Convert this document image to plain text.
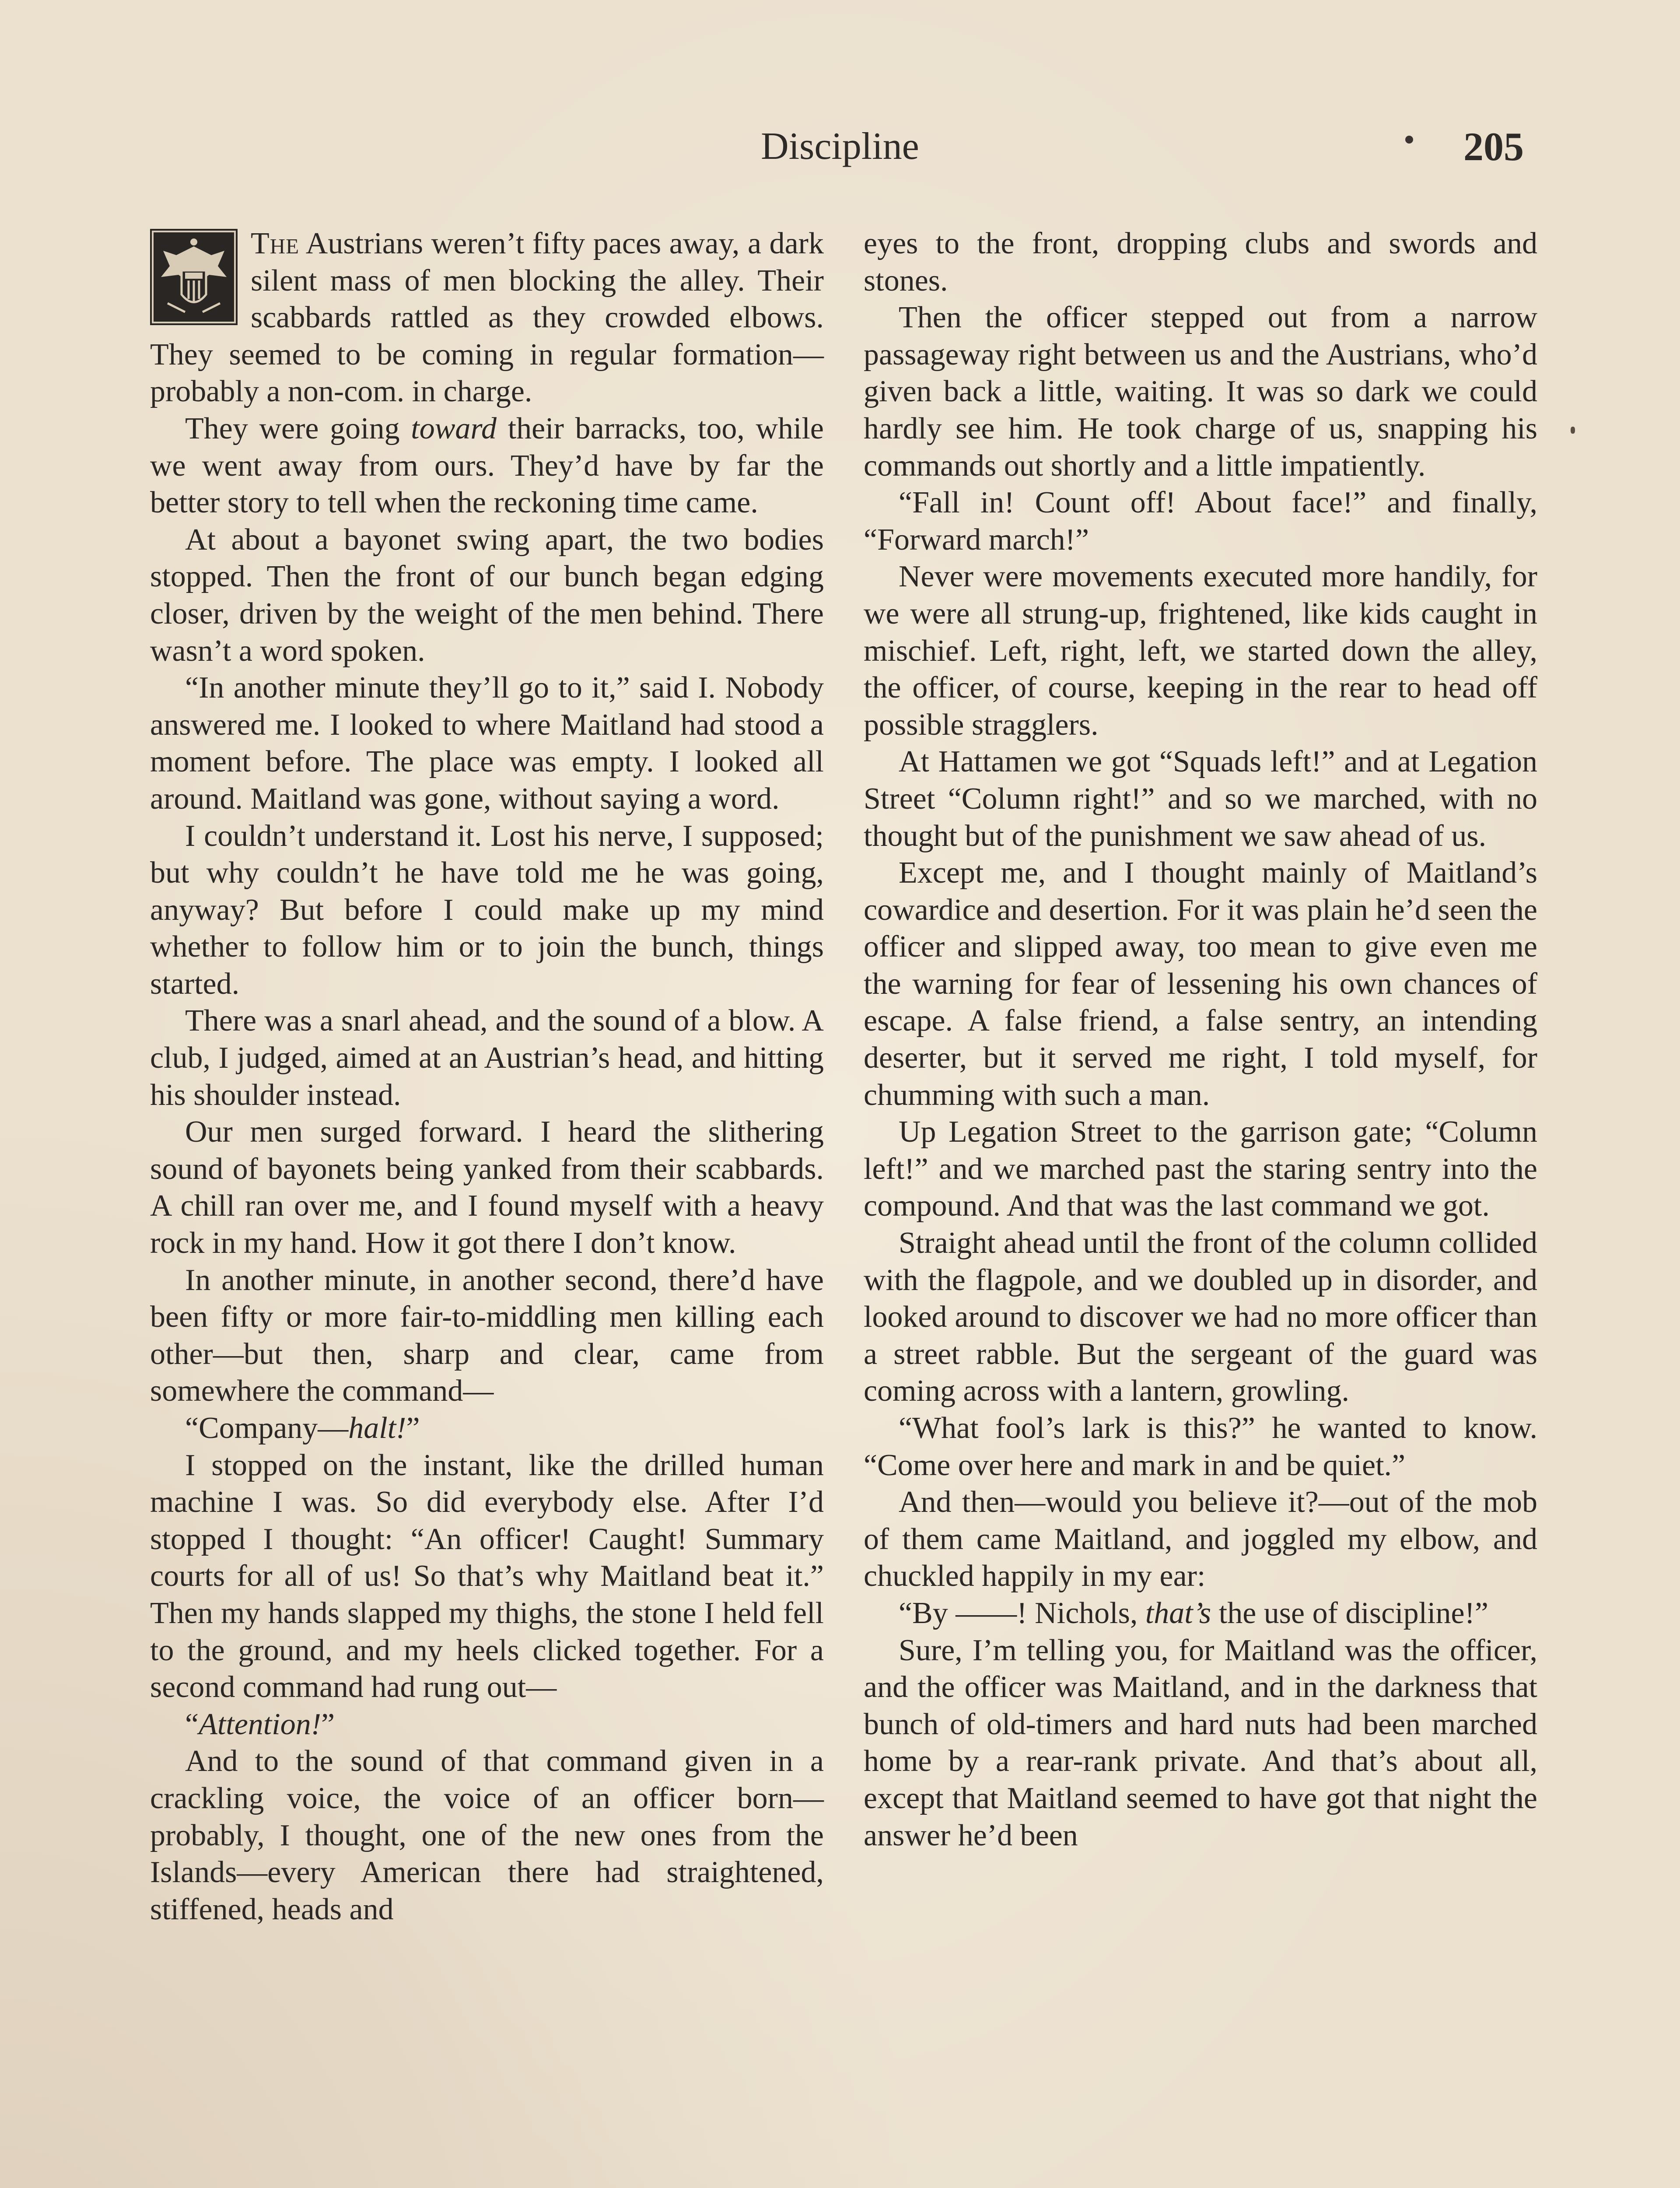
Discipline	205

The Austrians weren’t fifty paces away, a dark silent mass of men blocking the alley. Their scabbards rattled as they crowded elbows. They seemed to be coming in regular formation—probably a non-com. in charge.

They were going toward their barracks, too, while we went away from ours. They’d have by far the better story to tell when the reckoning time came.

At about a bayonet swing apart, the two bodies stopped. Then the front of our bunch began edging closer, driven by the weight of the men behind. There wasn’t a word spoken.

“In another minute they’ll go to it,” said I. Nobody answered me. I looked to where Maitland had stood a moment before. The place was empty. I looked all around. Maitland was gone, without saying a word.

I couldn’t understand it. Lost his nerve, I supposed; but why couldn’t he have told me he was going, anyway? But before I could make up my mind whether to follow him or to join the bunch, things started.

There was a snarl ahead, and the sound of a blow. A club, I judged, aimed at an Austrian’s head, and hitting his shoulder instead.

Our men surged forward. I heard the slithering sound of bayonets being yanked from their scabbards. A chill ran over me, and I found myself with a heavy rock in my hand. How it got there I don’t know.

In another minute, in another second, there’d have been fifty or more fair-to-middling men killing each other—but then, sharp and clear, came from somewhere the command—

“Company—halt!”

I stopped on the instant, like the drilled human machine I was. So did everybody else. After I’d stopped I thought: “An officer! Caught! Summary courts for all of us! So that’s why Maitland beat it.” Then my hands slapped my thighs, the stone I held fell to the ground, and my heels clicked together. For a second command had rung out—

“Attention!”

And to the sound of that command given in a crackling voice, the voice of an officer born—probably, I thought, one of the new ones from the Islands—every American there had straightened, stiffened, heads and

eyes to the front, dropping clubs and swords and stones.

Then the officer stepped out from a narrow passageway right between us and the Austrians, who’d given back a little, waiting. It was so dark we could hardly see him. He took charge of us, snapping his commands out shortly and a little impatiently.

“Fall in! Count off! About face!” and finally, “Forward march!”

Never were movements executed more handily, for we were all strung-up, frightened, like kids caught in mischief. Left, right, left, we started down the alley, the officer, of course, keeping in the rear to head off possible stragglers.

At Hattamen we got “Squads left!” and at Legation Street “Column right!” and so we marched, with no thought but of the punishment we saw ahead of us.

Except me, and I thought mainly of Maitland’s cowardice and desertion. For it was plain he’d seen the officer and slipped away, too mean to give even me the warning for fear of lessening his own chances of escape. A false friend, a false sentry, an intending deserter, but it served me right, I told myself, for chumming with such a man.

Up Legation Street to the garrison gate; “Column left!” and we marched past the staring sentry into the compound. And that was the last command we got.

Straight ahead until the front of the column collided with the flagpole, and we doubled up in disorder, and looked around to discover we had no more officer than a street rabble. But the sergeant of the guard was coming across with a lantern, growling.

“What fool’s lark is this?” he wanted to know. “Come over here and mark in and be quiet.”

And then—would you believe it?—out of the mob of them came Maitland, and joggled my elbow, and chuckled happily in my ear:

“By ——! Nichols, that’s the use of discipline!”

Sure, I’m telling you, for Maitland was the officer, and the officer was Maitland, and in the darkness that bunch of old-timers and hard nuts had been marched home by a rear-rank private. And that’s about all, except that Maitland seemed to have got that night the answer he’d been
